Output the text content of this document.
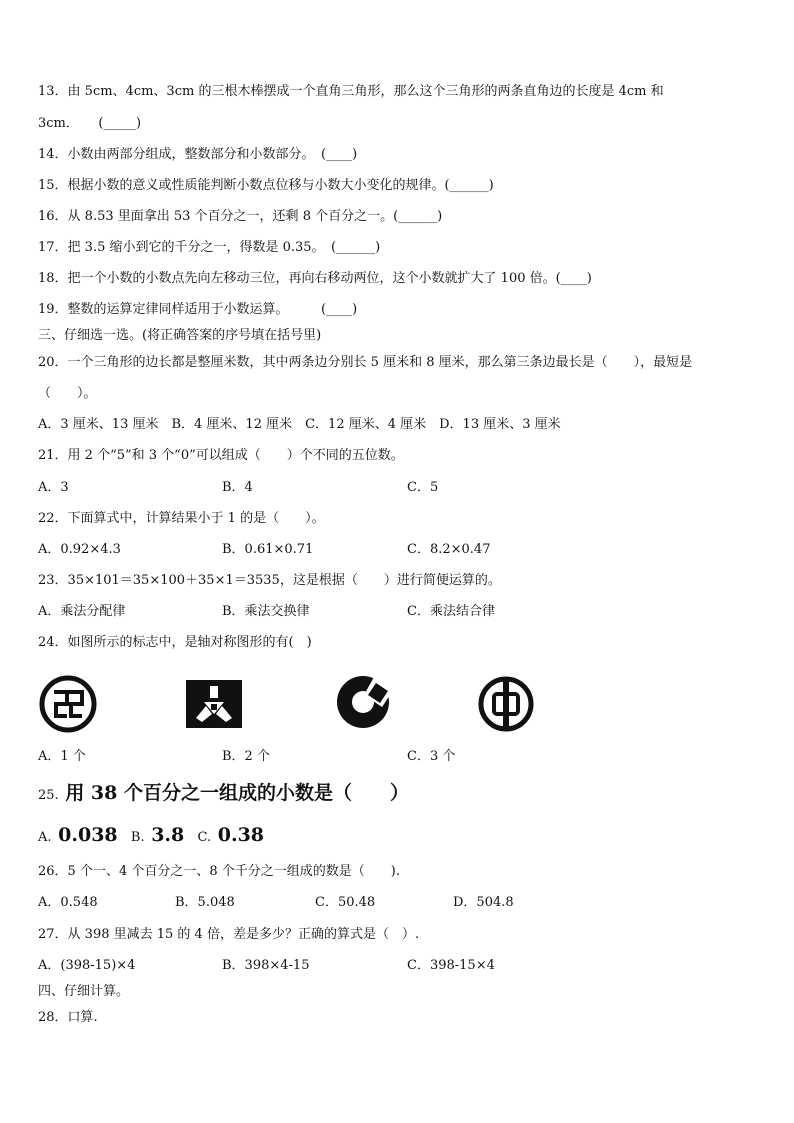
13．由 5cm、4cm、3cm 的三根木棒摆成一个直角三角形，那么这个三角形的两条直角边的长度是 4cm 和
3cm．　　(_____)
14．小数由两部分组成，整数部分和小数部分。　(____)
15．根据小数的意义或性质能判断小数点位移与小数大小变化的规律。(______)
16．从 8.53 里面拿出 53 个百分之一，还剩 8 个百分之一。(______)
17．把 3.5 缩小到它的千分之一，得数是 0.35。　(______)
18．把一个小数的小数点先向左移动三位，再向右移动两位，这个小数就扩大了 100 倍。(____)
19．整数的运算定律同样适用于小数运算。　　　(____)
三、仔细选一选。(将正确答案的序号填在括号里)
20．一个三角形的边长都是整厘米数，其中两条边分别长 5 厘米和 8 厘米，那么第三条边最长是（　　），最短是
（　　）。
A．3 厘米、13 厘米　B．4 厘米、12 厘米　C．12 厘米、4 厘米　D．13 厘米、3 厘米
21．用 2 个“5”和 3 个“0”可以组成（　　）个不同的五位数。
A．3	B．4	C．5
22．下面算式中，计算结果小于 1 的是（　　）。
A．0.92×4.3	B．0.61×0.71	C．8.2×0.47
23．35×101＝35×100＋35×1＝3535，这是根据（　　）进行简便运算的。
A．乘法分配律	B．乘法交换律	C．乘法结合律
24．如图所示的标志中，是轴对称图形的有(　)
A．1 个	B．2 个	C．3 个
25. 用 38 个百分之一组成的小数是（　　）
A. 0.038 B. 3.8 C. 0.38
26．5 个一、4 个百分之一、8 个千分之一组成的数是（　　).
A．0.548	B．5.048	C．50.48	D．504.8
27．从 398 里减去 15 的 4 倍，差是多少？正确的算式是（　）.
A．(398-15)×4	B．398×4-15	C．398-15×4
四、仔细计算。
28．口算.
